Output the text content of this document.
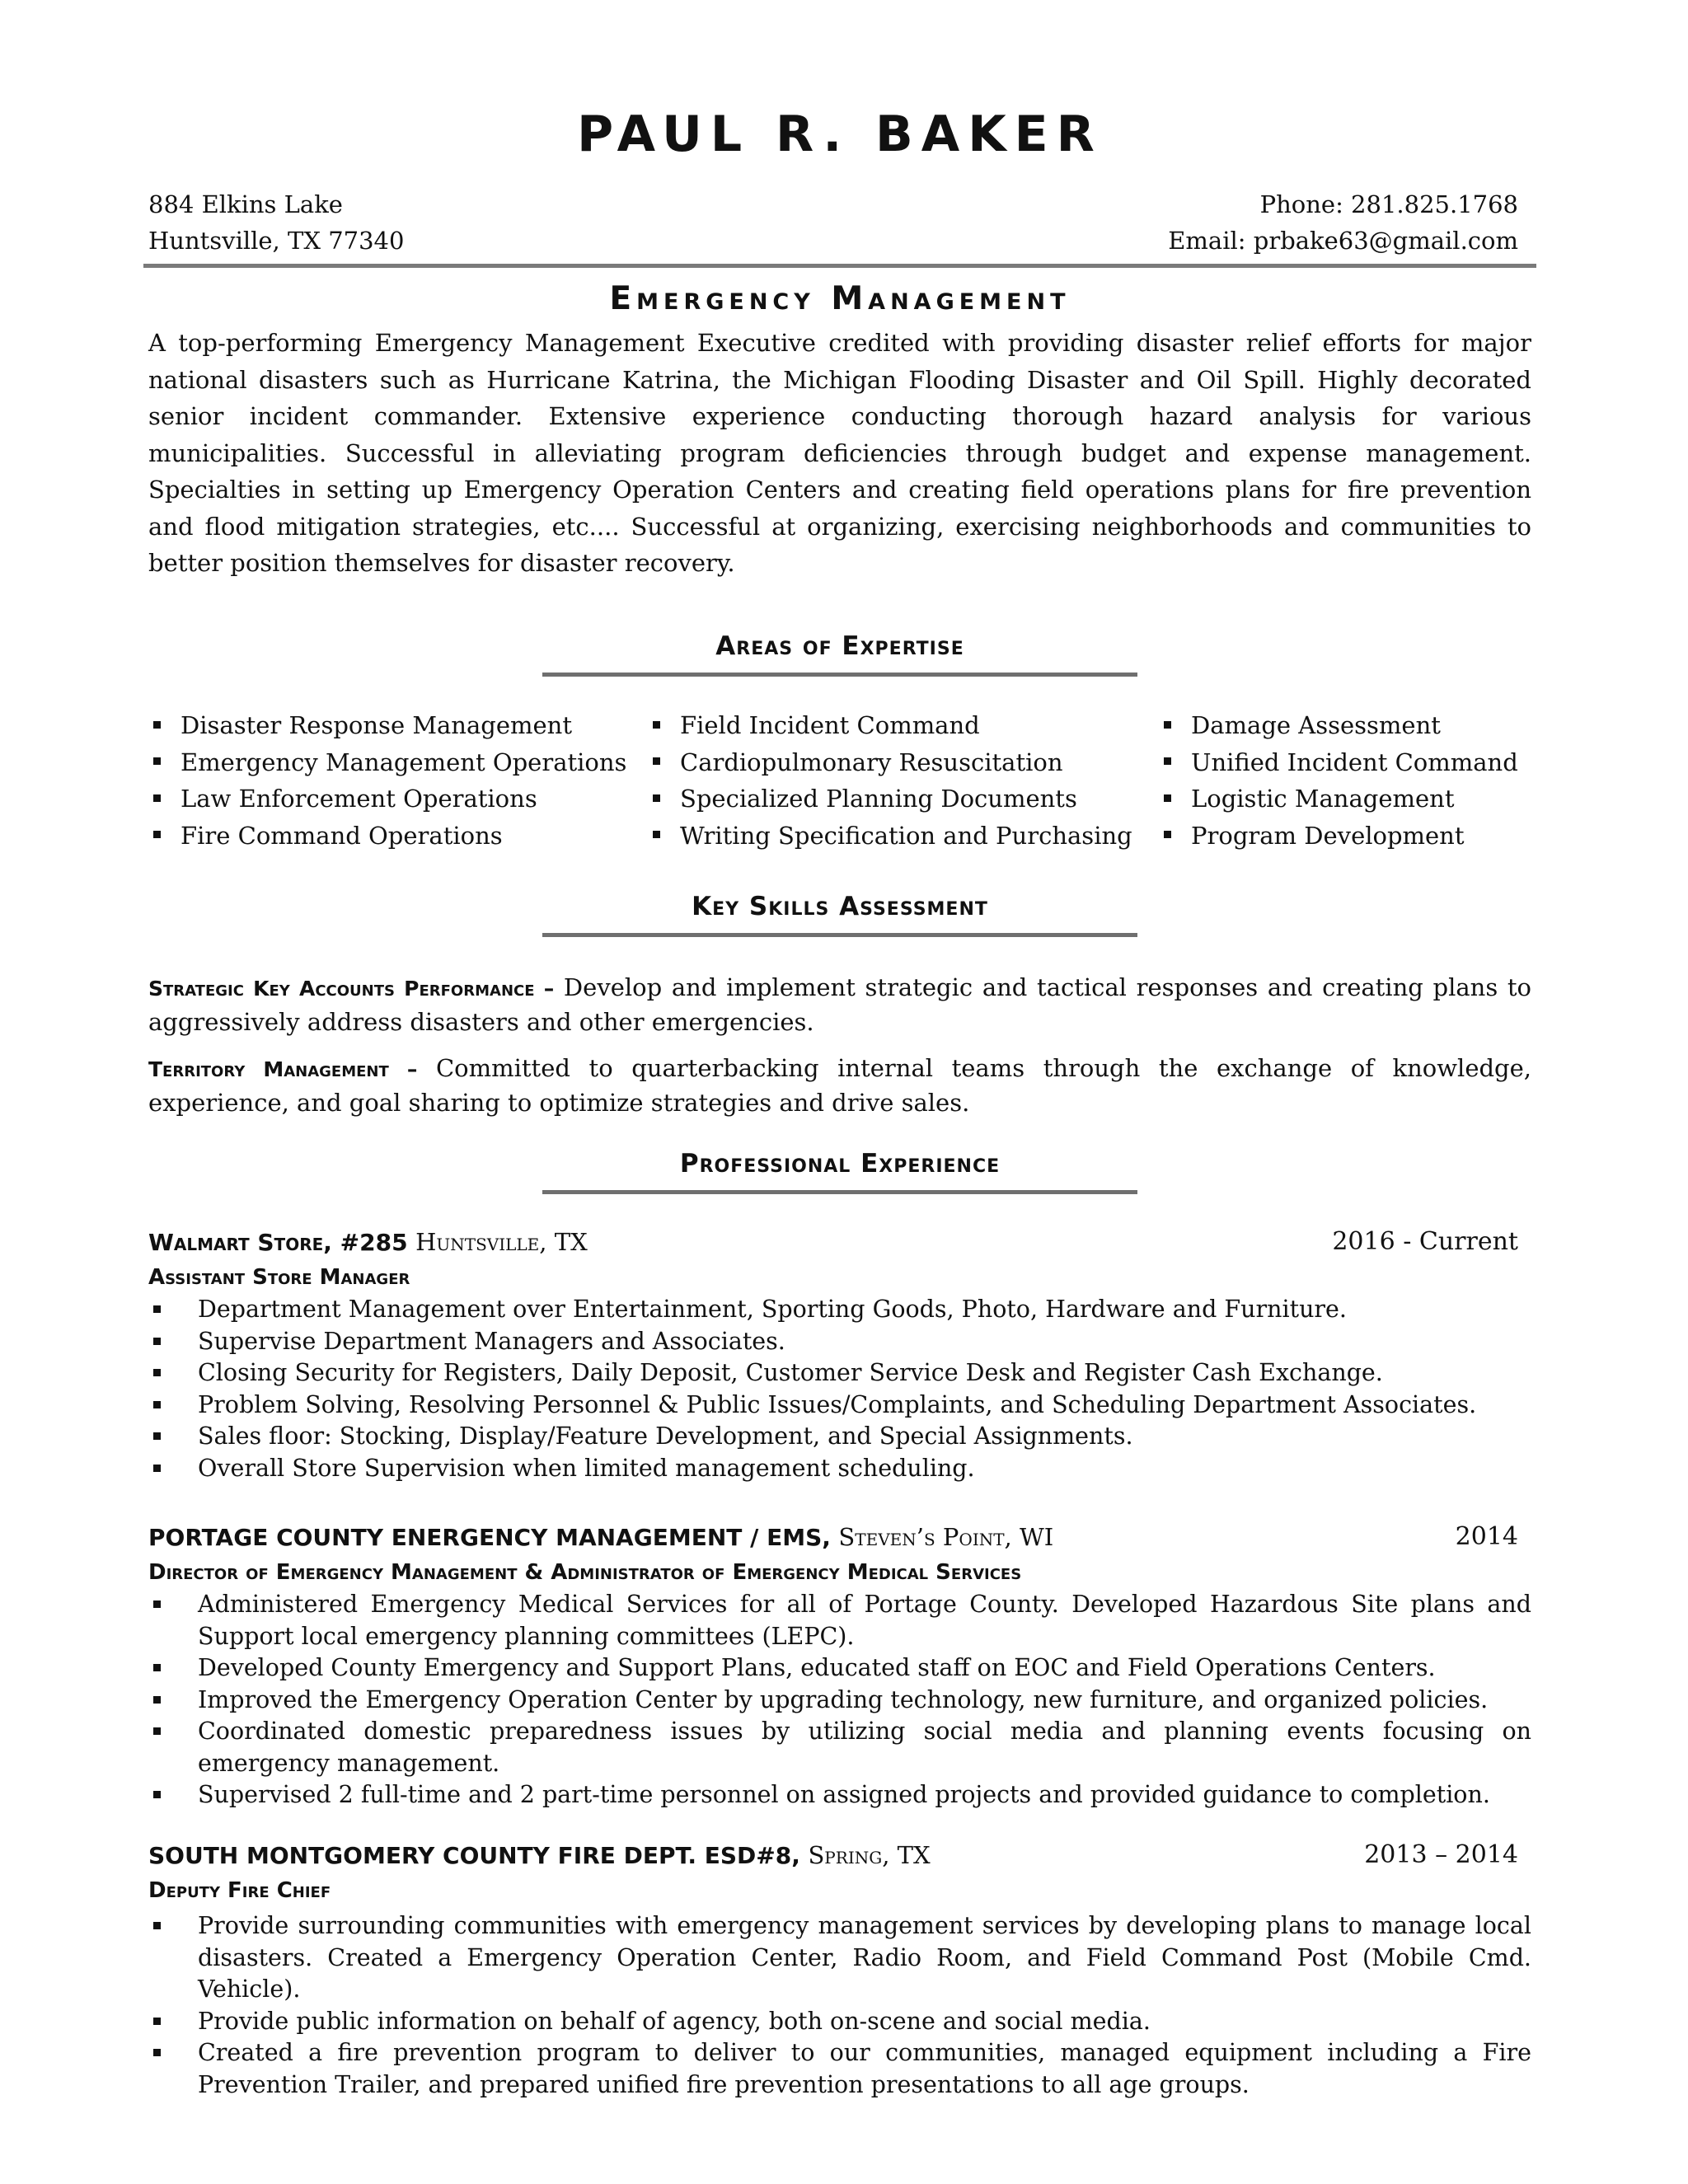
PAUL R. BAKER
884 Elkins Lake
Huntsville, TX 77340
Phone: 281.825.1768
Email: prbake63@gmail.com
Emergency Management
A top-performing Emergency Management Executive credited with providing disaster relief efforts for major national disasters such as Hurricane Katrina, the Michigan Flooding Disaster and Oil Spill. Highly decorated senior incident commander. Extensive experience conducting thorough hazard analysis for various municipalities. Successful in alleviating program deficiencies through budget and expense management. Specialties in setting up Emergency Operation Centers and creating field operations plans for fire prevention and flood mitigation strategies, etc.... Successful at organizing, exercising neighborhoods and communities to better position themselves for disaster recovery.
Areas of Expertise
Disaster Response Management
Emergency Management Operations
Law Enforcement Operations
Fire Command Operations
Field Incident Command
Cardiopulmonary Resuscitation
Specialized Planning Documents
Writing Specification and Purchasing
Damage Assessment
Unified Incident Command
Logistic Management
Program Development
Key Skills Assessment
Strategic Key Accounts Performance – Develop and implement strategic and tactical responses and creating plans to aggressively address disasters and other emergencies.
Territory Management – Committed to quarterbacking internal teams through the exchange of knowledge, experience, and goal sharing to optimize strategies and drive sales.
Professional Experience
Walmart Store, #285 Huntsville, TX	2016 - Current
Assistant Store Manager
Department Management over Entertainment, Sporting Goods, Photo, Hardware and Furniture.
Supervise Department Managers and Associates.
Closing Security for Registers, Daily Deposit, Customer Service Desk and Register Cash Exchange.
Problem Solving, Resolving Personnel & Public Issues/Complaints, and Scheduling Department Associates.
Sales floor: Stocking, Display/Feature Development, and Special Assignments.
Overall Store Supervision when limited management scheduling.
PORTAGE COUNTY ENERGENCY MANAGEMENT / EMS, Steven’s Point, WI	2014
Director of Emergency Management & Administrator of Emergency Medical Services
Administered Emergency Medical Services for all of Portage County. Developed Hazardous Site plans and Support local emergency planning committees (LEPC).
Developed County Emergency and Support Plans, educated staff on EOC and Field Operations Centers.
Improved the Emergency Operation Center by upgrading technology, new furniture, and organized policies.
Coordinated domestic preparedness issues by utilizing social media and planning events focusing on emergency management.
Supervised 2 full-time and 2 part-time personnel on assigned projects and provided guidance to completion.
SOUTH MONTGOMERY COUNTY FIRE DEPT. ESD#8, Spring, TX	2013 – 2014
Deputy Fire Chief
Provide surrounding communities with emergency management services by developing plans to manage local disasters. Created a Emergency Operation Center, Radio Room, and Field Command Post (Mobile Cmd. Vehicle).
Provide public information on behalf of agency, both on-scene and social media.
Created a fire prevention program to deliver to our communities, managed equipment including a Fire Prevention Trailer, and prepared unified fire prevention presentations to all age groups.
